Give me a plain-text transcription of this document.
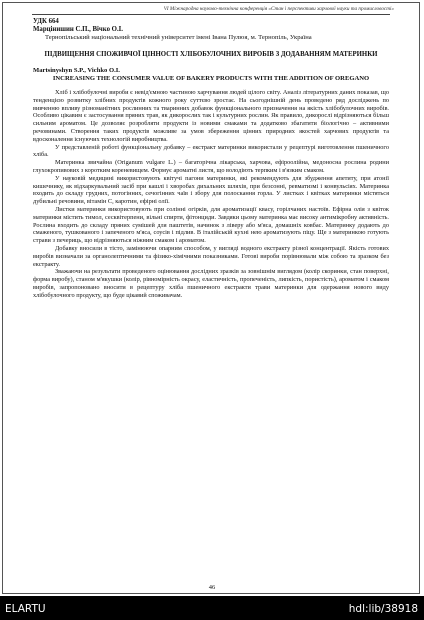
VI Міжнародна науково-технічна конференція «Стан і перспективи харчової науки та промисловості»

УДК 664

Марцінишин С.П., Вічко О.І.

Тернопільський національний технічний університет імені Івана Пулюя, м. Тернопіль, Україна

ПІДВИЩЕННЯ СПОЖИВЧОЇ ЦІННОСТІ ХЛІБОБУЛОЧНИХ ВИРОБІВ З ДОДАВАННЯМ МАТЕРИНКИ

Martsinyshyn S.P., Vichko O.I.

INCREASING THE CONSUMER VALUE OF BAKERY PRODUCTS WITH THE ADDITION OF OREGANO

Хліб і хлібобулочні вироби є невід'ємною частиною харчування людей цілого світу. Аналіз літературних даних показав, що тенденцією розвитку хлібних продуктів кожного року суттєво зростає. На сьогоднішній день проведено ряд досліджень по вивченню впливу різноманітних рослинних та тваринних добавок функціонального призначення на якість хлібобулочних виробів. Особливо цікавим є застосування пряних трав, як дикорослих так і культурних рослин. Як правило, дикорослі відрізняються більш сильним ароматом. Це дозволяє розробляти продукти із новими смаками та додатково збагатити біологічно – активними речовинами. Створення таких продуктів можливе за умов збереження цінних природних якостей харчових продуктів та вдосконалення існуючих технологій виробництва.

У представленій роботі функціональну добавку – екстракт материнки використали у рецептурі виготовлення пшеничного хліба.

Материнка звичайна (Origanum vulgare L.) – багаторічна лікарська, харчова, ефіроолійна, медоносна рослина родини глухокропивових з коротким кореневищем. Формує ароматні листя, що володіють терпким і в'язким смаком.

У науковій медицині використовують квітучі пагони материнки, які рекомендують для збудження апетиту, при атонії кишечнику, як відхаркувальний засіб при кашлі і хворобах дихальних шляхів, при безсонні, ревматизмі і конвульсіях. Материнка входить до складу грудних, потогінних, сечогінних чаїв і збору для полоскання горла. У листках і квітках материнки містяться дубильні речовини, вітамін С, каротин, ефірні олії.

Листки материнки використовують при солінні огірків, для ароматизації квасу, горілчаних настоїв. Ефірна олія з квіток материнки містить тимол, сесквітерпени, вільні спирти, фітонциди. Завдяки цьому материнка має високу антимікробну активність. Рослина входить до складу пряних сумішей для паштетів, начинок з ліверу або м'яса, домашніх ковбас. Материнку додають до смаженого, тушкованого і запеченого м'яса, соусів і підлив. В італійській кухні нею ароматизують піцу. Ще з материнкою готують страви з печериць, що відрізняються ніжним смаком і ароматом.

Добавку вносили в тісто, замінюючи опарним способом, у вигляді водного екстракту різної концентрації. Якість готових виробів визначали за органолептичними та фізико-хімічними показниками. Готові вироби порівнювали між собою та зразком без екстракту.

Зважаючи на результати проведеного оцінювання дослідних зразків за зовнішнім виглядом (колір скоринки, стан поверхні, форма виробу), станом м'якушки (колір, рівномірність окрасу, еластичність, пропеченість, липкість, пористість), ароматом і смаком виробів, запропоновано вносити в рецептуру хліба пшеничного екстракти трави материнки для одержання нового виду хлібобулочного продукту, що буде цікавий споживачам.

46
ELARTU	hdl:lib/38918
